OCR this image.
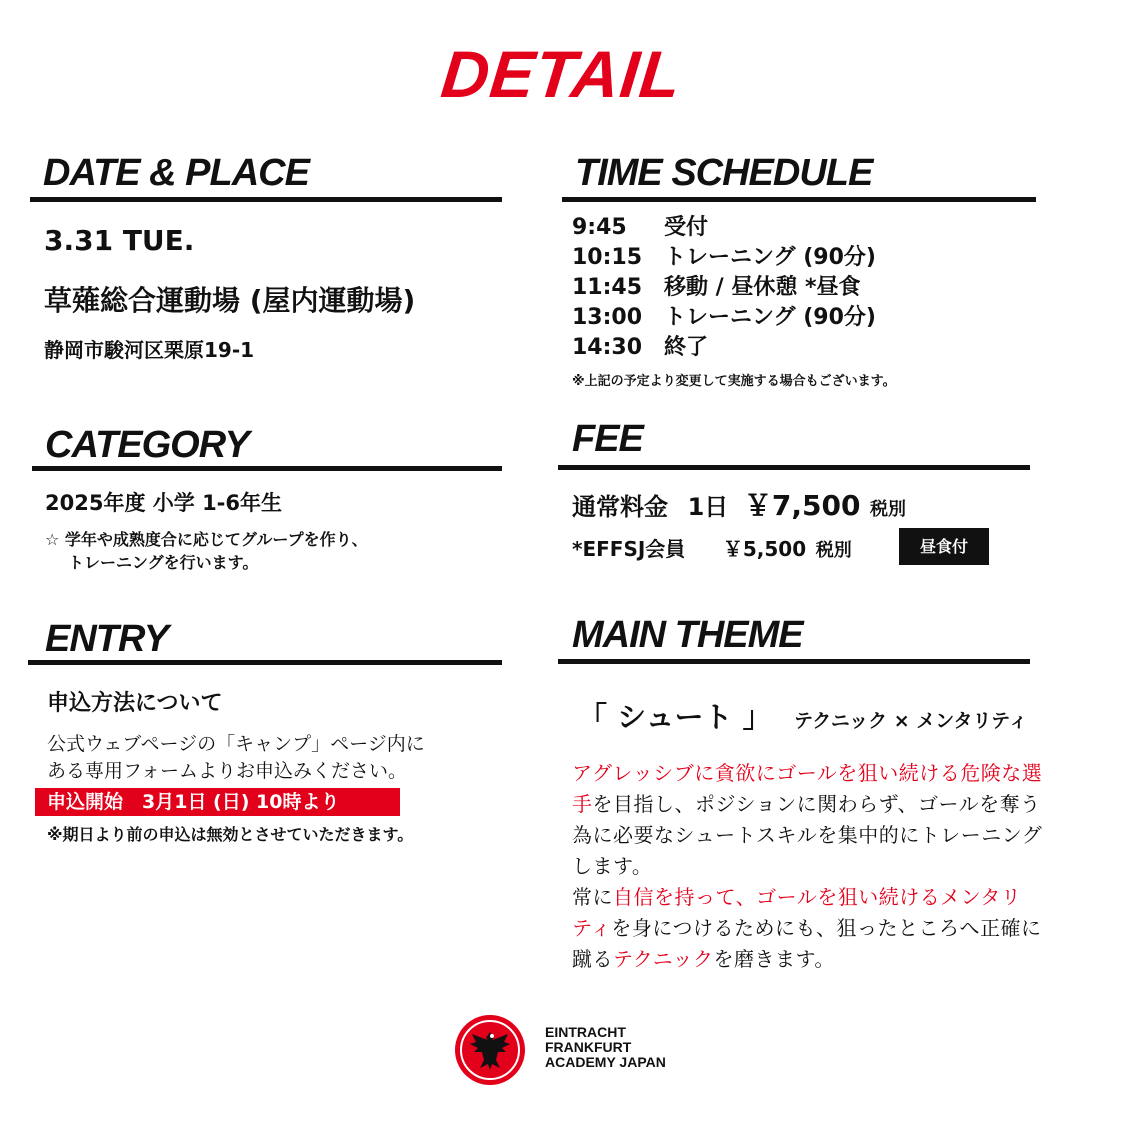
DETAIL
DATE & PLACE
3.31 TUE.
草薙総合運動場 (屋内運動場)
静岡市駿河区栗原19-1
CATEGORY
2025年度 小学 1-6年生
☆ 学年や成熟度合に応じてグループを作り、
トレーニングを行います。
ENTRY
申込方法について
公式ウェブページの「キャンプ」ページ内に
ある専用フォームよりお申込みください。
申込開始　3月1日 (日) 10時より
※期日より前の申込は無効とさせていただきます。
TIME SCHEDULE
9:45 受付
10:15 トレーニング (90分)
11:45 移動 / 昼休憩 *昼食
13:00 トレーニング (90分)
14:30 終了
※上記の予定より変更して実施する場合もございます。
FEE
通常料金 1日 ￥7,500 税別
*EFFSJ会員 ￥5,500 税別	昼食付
MAIN THEME
「 シュート 」 テクニック × メンタリティ
アグレッシブに貪欲にゴールを狙い続ける危険な選
手を目指し、ポジションに関わらず、ゴールを奪う
為に必要なシュートスキルを集中的にトレーニング
します。
常に自信を持って、ゴールを狙い続けるメンタリ
ティを身につけるためにも、狙ったところへ正確に
蹴るテクニックを磨きます。
EINTRACHT
FRANKFURT
ACADEMY JAPAN
